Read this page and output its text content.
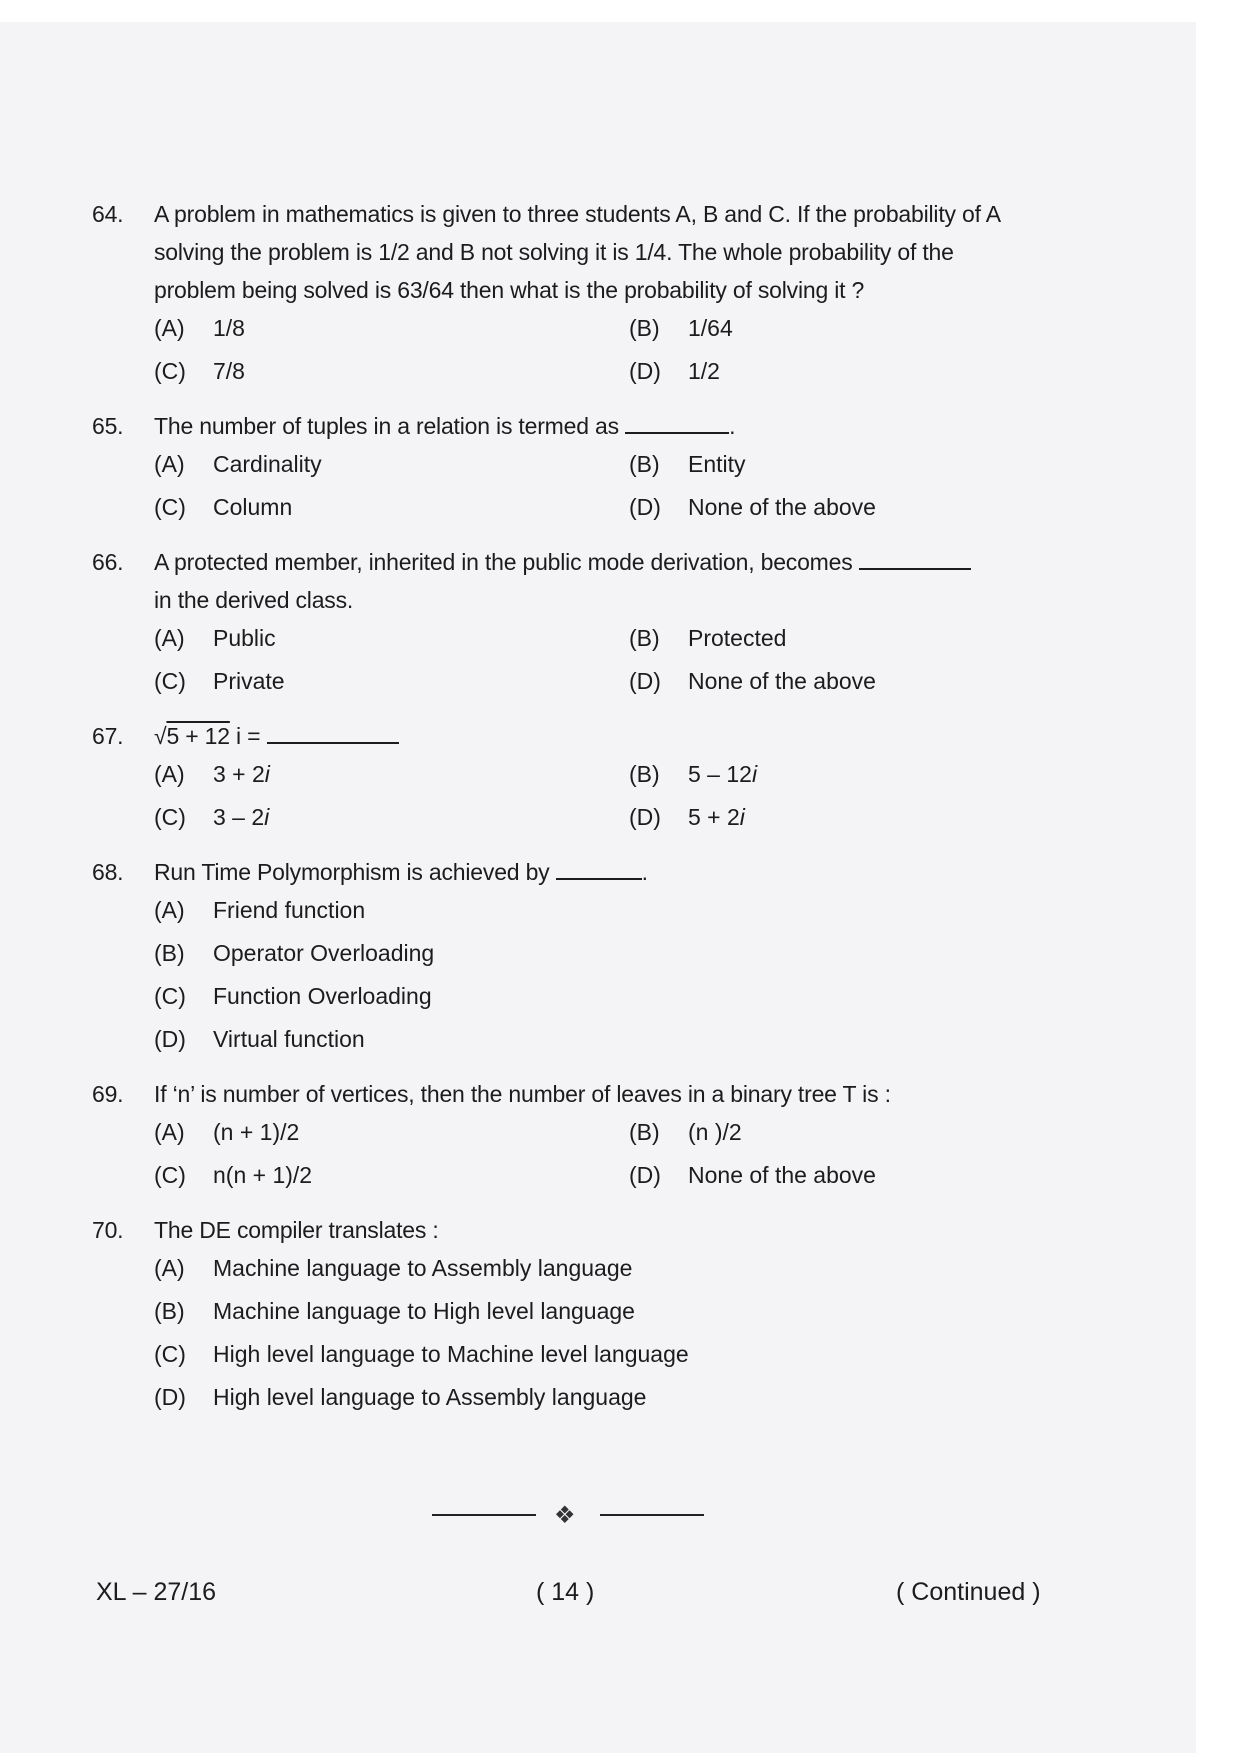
64. A problem in mathematics is given to three students A, B and C. If the probability of A
solving the problem is 1/2 and B not solving it is 1/4. The whole probability of the
problem being solved is 63/64 then what is the probability of solving it ?
(A) 1/8	(B) 1/64
(C) 7/8	(D) 1/2
65. The number of tuples in a relation is termed as	.
(A) Cardinality	(B) Entity
(C) Column	(D) None of the above
66. A protected member, inherited in the public mode derivation, becomes
in the derived class.
(A) Public	(B) Protected
(C) Private	(D) None of the above
67. √5 + 12 i =
(A) 3 + 2i	(B) 5 – 12i
(C) 3 – 2i	(D) 5 + 2i
68. Run Time Polymorphism is achieved by	.
(A) Friend function
(B) Operator Overloading
(C) Function Overloading
(D) Virtual function
69. If ‘n’ is number of vertices, then the number of leaves in a binary tree T is :
(A) (n + 1)/2	(B) (n )/2
(C) n(n + 1)/2	(D) None of the above
70. The DE compiler translates :
(A) Machine language to Assembly language
(B) Machine language to High level language
(C) High level language to Machine level language
(D) High level language to Assembly language
❖
XL – 27/16	( 14 )	( Continued )
